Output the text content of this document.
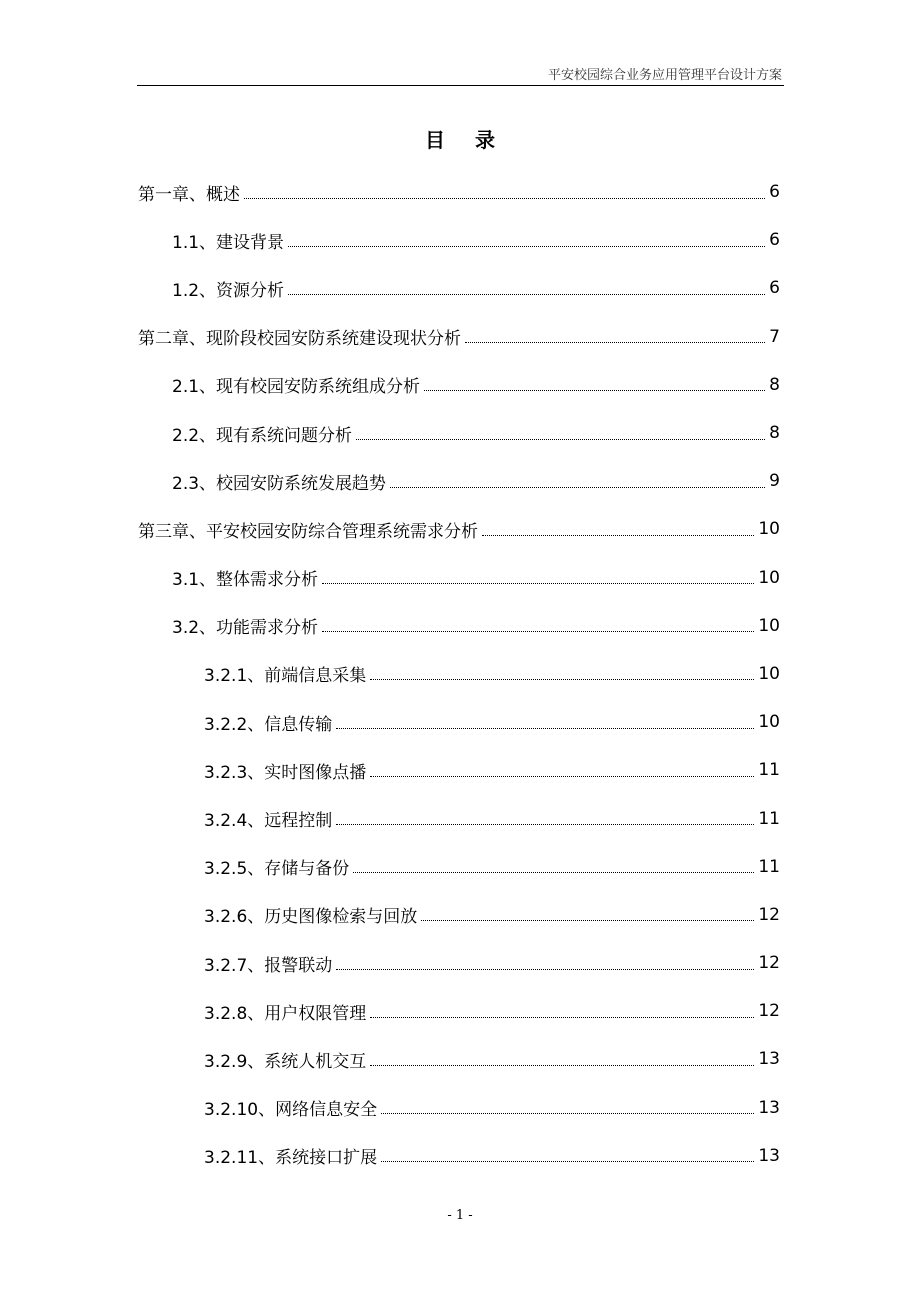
平安校园综合业务应用管理平台设计方案
目 录
第一章、概述	6
1.1、建设背景	6
1.2、资源分析	6
第二章、现阶段校园安防系统建设现状分析	7
2.1、现有校园安防系统组成分析	8
2.2、现有系统问题分析	8
2.3、校园安防系统发展趋势	9
第三章、平安校园安防综合管理系统需求分析	10
3.1、整体需求分析	10
3.2、功能需求分析	10
3.2.1、前端信息采集	10
3.2.2、信息传输	10
3.2.3、实时图像点播	11
3.2.4、远程控制	11
3.2.5、存储与备份	11
3.2.6、历史图像检索与回放	12
3.2.7、报警联动	12
3.2.8、用户权限管理	12
3.2.9、系统人机交互	13
3.2.10、网络信息安全	13
3.2.11、系统接口扩展	13
- 1 -
